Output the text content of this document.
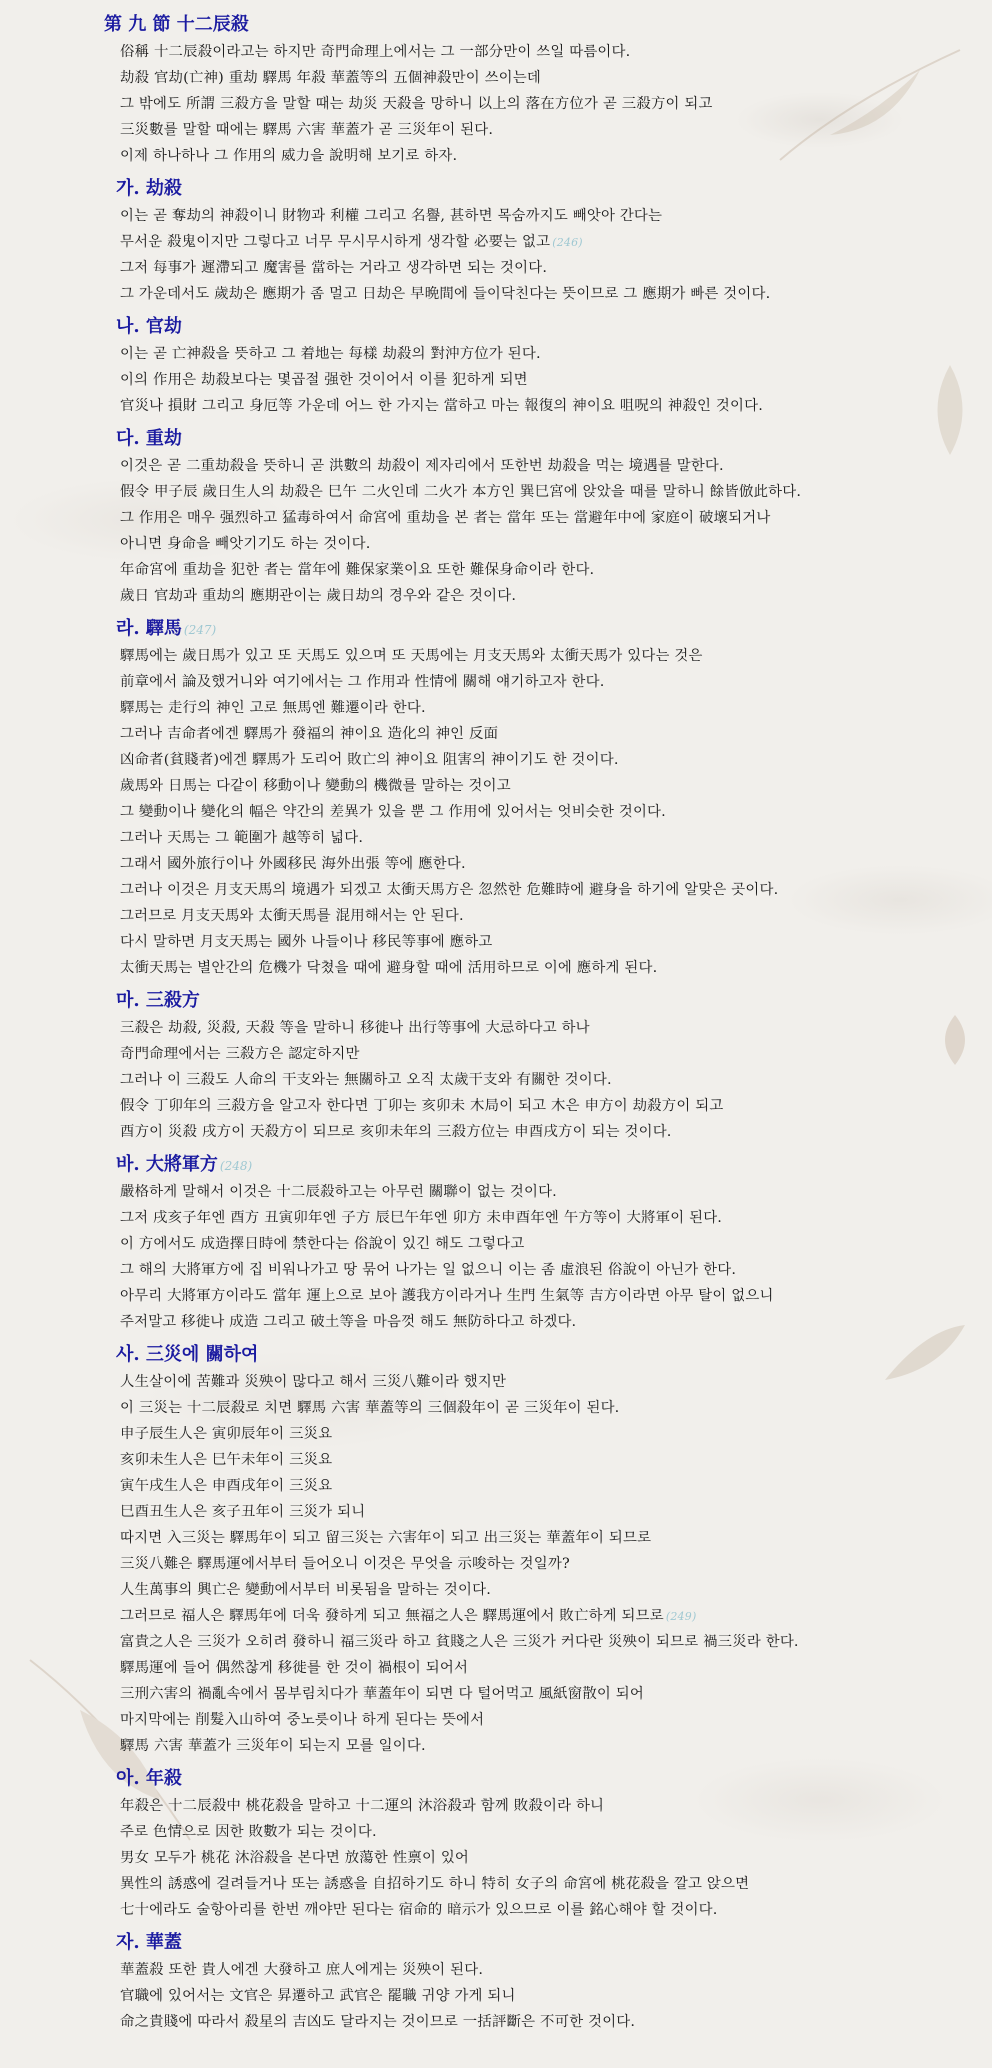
第 九 節 十二辰殺
俗稱 十二辰殺이라고는 하지만 奇門命理上에서는 그 一部分만이 쓰일 따름이다.
劫殺 官劫(亡神) 重劫 驛馬 年殺 華蓋等의 五個神殺만이 쓰이는데
그 밖에도 所謂 三殺方을 말할 때는 劫災 天殺을 망하니 以上의 落在方位가 곧 三殺方이 되고
三災數를 말할 때에는 驛馬 六害 華蓋가 곧 三災年이 된다.
이제 하나하나 그 作用의 威力을 說明해 보기로 하자.
가. 劫殺
이는 곧 奪劫의 神殺이니 財物과 利權 그리고 名譽, 甚하면 목숨까지도 빼앗아 간다는
무서운 殺鬼이지만 그렇다고 너무 무시무시하게 생각할 必要는 없고 (246)
그저 每事가 遲滯되고 魔害를 當하는 거라고 생각하면 되는 것이다.
그 가운데서도 歲劫은 應期가 좀 멀고 日劫은 早晩間에 들이닥친다는 뜻이므로 그 應期가 빠른 것이다.
나. 官劫
이는 곧 亡神殺을 뜻하고 그 着地는 每樣 劫殺의 對沖方位가 된다.
이의 作用은 劫殺보다는 몇곱절 强한 것이어서 이를 犯하게 되면
官災나 損財 그리고 身厄等 가운데 어느 한 가지는 當하고 마는 報復의 神이요 咀呪의 神殺인 것이다.
다. 重劫
이것은 곧 二重劫殺을 뜻하니 곧 洪數의 劫殺이 제자리에서 또한번 劫殺을 먹는 境遇를 말한다.
假令 甲子辰 歲日生人의 劫殺은 巳午 二火인데 二火가 本方인 巽巳宮에 앉았을 때를 말하니 餘皆倣此하다.
그 作用은 매우 强烈하고 猛毒하여서 命宮에 重劫을 본 者는 當年 또는 當避年中에 家庭이 破壞되거나
아니면 身命을 빼앗기기도 하는 것이다.
年命宮에 重劫을 犯한 者는 當年에 難保家業이요 또한 難保身命이라 한다.
歲日 官劫과 重劫의 應期관이는 歲日劫의 경우와 같은 것이다.
라. 驛馬 (247)
驛馬에는 歲日馬가 있고 또 天馬도 있으며 또 天馬에는 月支天馬와 太衝天馬가 있다는 것은
前章에서 論及했거니와 여기에서는 그 作用과 性情에 關해 얘기하고자 한다.
驛馬는 走行의 神인 고로 無馬엔 難遷이라 한다.
그러나 吉命者에겐 驛馬가 發福의 神이요 造化의 神인 反面
凶命者(貧賤者)에겐 驛馬가 도리어 敗亡의 神이요 阻害의 神이기도 한 것이다.
歲馬와 日馬는 다같이 移動이나 變動의 機微를 말하는 것이고
그 變動이나 變化의 幅은 약간의 差異가 있을 뿐 그 作用에 있어서는 엇비슷한 것이다.
그러나 天馬는 그 範圍가 越等히 넓다.
그래서 國外旅行이나 外國移民 海外出張 等에 應한다.
그러나 이것은 月支天馬의 境遇가 되겠고 太衝天馬方은 忽然한 危難時에 避身을 하기에 알맞은 곳이다.
그러므로 月支天馬와 太衝天馬를 混用해서는 안 된다.
다시 말하면 月支天馬는 國外 나들이나 移民等事에 應하고
太衝天馬는 별안간의 危機가 닥쳤을 때에 避身할 때에 活用하므로 이에 應하게 된다.
마. 三殺方
三殺은 劫殺, 災殺, 天殺 等을 말하니 移徙나 出行等事에 大忌하다고 하나
奇門命理에서는 三殺方은 認定하지만
그러나 이 三殺도 人命의 干支와는 無關하고 오직 太歲干支와 有關한 것이다.
假令 丁卯年의 三殺方을 알고자 한다면 丁卯는 亥卯未 木局이 되고 木은 申方이 劫殺方이 되고
酉方이 災殺 戌方이 天殺方이 되므로 亥卯未年의 三殺方位는 申酉戌方이 되는 것이다.
바. 大將軍方 (248)
嚴格하게 말해서 이것은 十二辰殺하고는 아무런 關聯이 없는 것이다.
그저 戌亥子年엔 酉方 丑寅卯年엔 子方 辰巳午年엔 卯方 未申酉年엔 午方等이 大將軍이 된다.
이 方에서도 成造擇日時에 禁한다는 俗說이 있긴 해도 그렇다고
그 해의 大將軍方에 집 비워나가고 땅 묶어 나가는 일 없으니 이는 좀 虛浪된 俗說이 아닌가 한다.
아무리 大將軍方이라도 當年 運上으로 보아 護我方이라거나 生門 生氣等 吉方이라면 아무 탈이 없으니
주저말고 移徙나 成造 그리고 破土等을 마음껏 해도 無防하다고 하겠다.
사. 三災에 關하여
人生살이에 苦難과 災殃이 많다고 해서 三災八難이라 했지만
이 三災는 十二辰殺로 치면 驛馬 六害 華蓋等의 三個殺年이 곧 三災年이 된다.
申子辰生人은 寅卯辰年이 三災요
亥卯未生人은 巳午未年이 三災요
寅午戌生人은 申酉戌年이 三災요
巳酉丑生人은 亥子丑年이 三災가 되니
따지면 入三災는 驛馬年이 되고 留三災는 六害年이 되고 出三災는 華蓋年이 되므로
三災八難은 驛馬運에서부터 들어오니 이것은 무엇을 示唆하는 것일까?
人生萬事의 興亡은 變動에서부터 비롯됨을 말하는 것이다.
그러므로 福人은 驛馬年에 더욱 發하게 되고 無福之人은 驛馬運에서 敗亡하게 되므로 (249)
富貴之人은 三災가 오히려 發하니 福三災라 하고 貧賤之人은 三災가 커다란 災殃이 되므로 禍三災라 한다.
驛馬運에 들어 偶然찮게 移徙를 한 것이 禍根이 되어서
三刑六害의 禍亂속에서 몸부림치다가 華蓋年이 되면 다 털어먹고 風紙窗散이 되어
마지막에는 削髮入山하여 중노릇이나 하게 된다는 뜻에서
驛馬 六害 華蓋가 三災年이 되는지 모를 일이다.
아. 年殺
年殺은 十二辰殺中 桃花殺을 말하고 十二運의 沐浴殺과 함께 敗殺이라 하니
주로 色情으로 因한 敗數가 되는 것이다.
男女 모두가 桃花 沐浴殺을 본다면 放蕩한 性禀이 있어
異性의 誘惑에 걸려들거나 또는 誘惑을 自招하기도 하니 特히 女子의 命宮에 桃花殺을 깔고 앉으면
七十에라도 술항아리를 한번 깨야만 된다는 宿命的 暗示가 있으므로 이를 銘心해야 할 것이다.
자. 華蓋
華蓋殺 또한 貴人에겐 大發하고 庶人에게는 災殃이 된다.
官職에 있어서는 文官은 昇遷하고 武官은 罷職 귀양 가게 되니
命之貴賤에 따라서 殺星의 吉凶도 달라지는 것이므로 一括評斷은 不可한 것이다.
